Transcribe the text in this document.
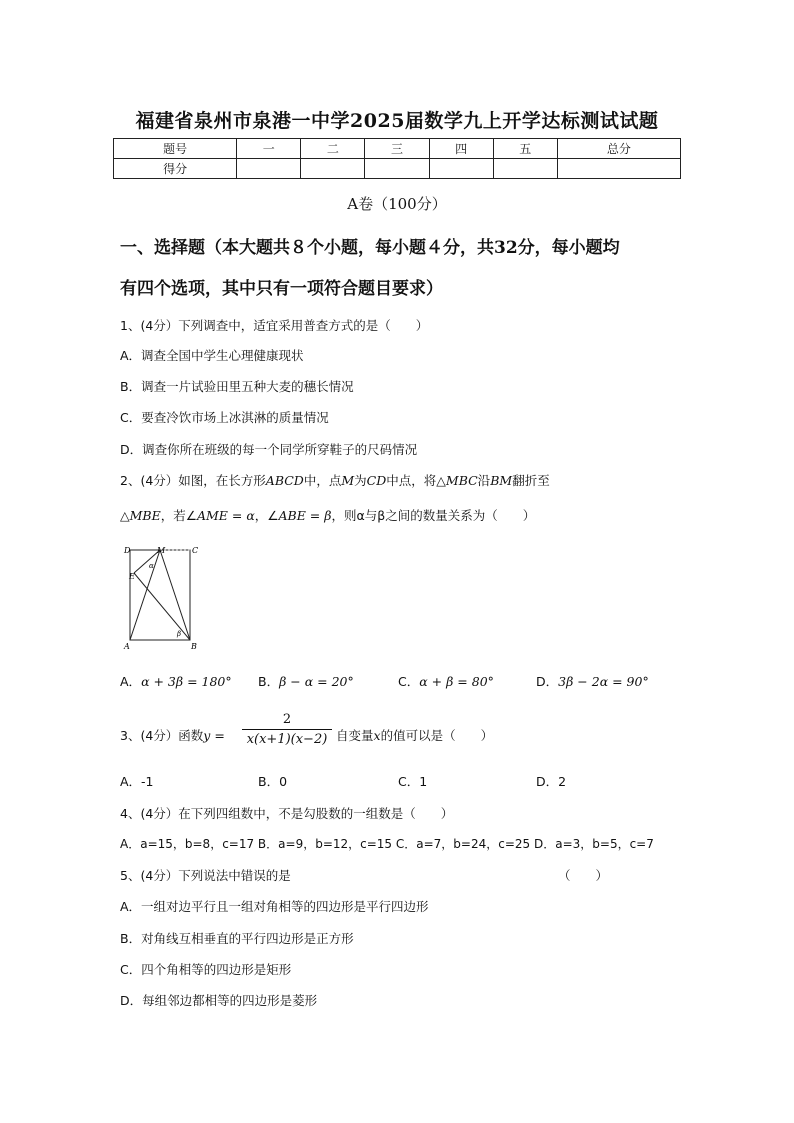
福建省泉州市泉港一中学2025届数学九上开学达标测试试题
题号	一	二	三	四	五	总分
得分						
A卷（100分）
一、选择题（本大题共８个小题，每小题４分，共32分，每小题均
有四个选项，其中只有一项符合题目要求）
1、(4分）下列调查中，适宜采用普查方式的是（　　）
A．调查全国中学生心理健康现状
B．调查一片试验田里五种大麦的穗长情况
C．要查冷饮市场上冰淇淋的质量情况
D．调查你所在班级的每一个同学所穿鞋子的尺码情况
2、(4分）如图，在长方形ABCD中，点M为CD中点，将△MBC沿BM翻折至
△MBE，若∠AME = α，∠ABE = β，则α与β之间的数量关系为（　　）
D	M	C
E
A	B
α
β
A．α + 3β = 180° B．β − α = 20°	C．α + β = 80°	D．3β − 2α = 90°
3、(4分）函数y =
2
x(x+1)(x−2) 自变量x的值可以是（　　）
A．-1	B．0	C．1	D．2
4、(4分）在下列四组数中，不是勾股数的一组数是（　　）
A．a=15，b=8，c=17 B．a=9，b=12，c=15 C．a=7，b=24，c=25 D．a=3，b=5，c=7
5、(4分）下列说法中错误的是	（　　）
A．一组对边平行且一组对角相等的四边形是平行四边形
B．对角线互相垂直的平行四边形是正方形
C．四个角相等的四边形是矩形
D．每组邻边都相等的四边形是菱形
